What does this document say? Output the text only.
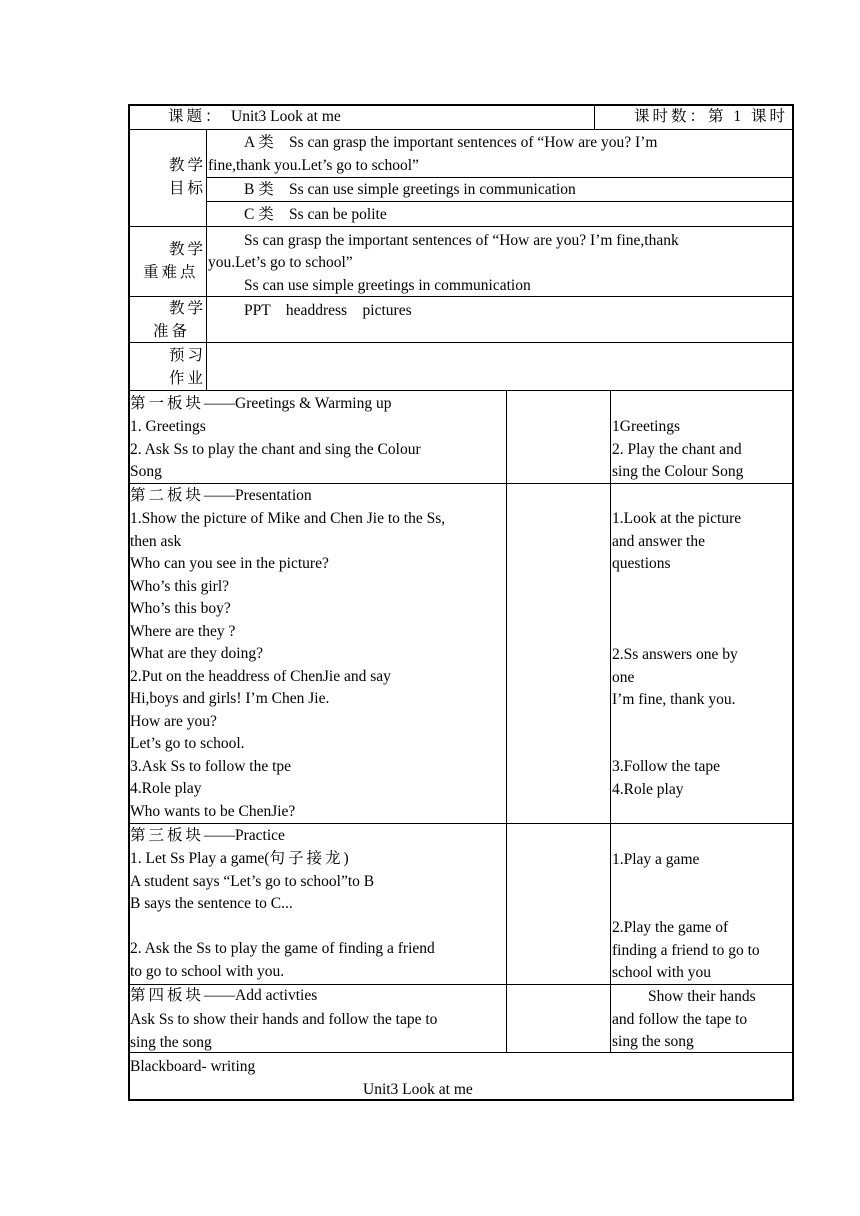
课题： Unit3 Look at me	课时数：第 1 课时
教学
目标
A 类 Ss can grasp the important sentences of “How are you? I’m
fine,thank you.Let’s go to school”
B 类 Ss can use simple greetings in communication
C 类 Ss can be polite
教学
重难点
Ss can grasp the important sentences of “How are you? I’m fine,thank
you.Let’s go to school”
Ss can use simple greetings in communication
教学
准备
PPT    headdress    pictures
预习
作业
第一板块——Greetings & Warming up
1. Greetings
2. Ask Ss to play the chant and sing the Colour
Song
1Greetings
2. Play the chant and
sing the Colour Song
第二板块——Presentation
1.Show the picture of Mike and Chen Jie to the Ss,
then ask
Who can you see in the picture?
Who’s this girl?
Who’s this boy?
Where are they ?
What are they doing?
2.Put on the headdress of ChenJie and say
Hi,boys and girls! I’m Chen Jie.
How are you?
Let’s go to school.
3.Ask Ss to follow the tpe
4.Role play
Who wants to be ChenJie?
1.Look at the picture
and answer the
questions
2.Ss answers one by
one
I’m fine, thank you.
3.Follow the tape
4.Role play
第三板块——Practice
1. Let Ss Play a game(句子接龙)
A student says “Let’s go to school”to B
B says the sentence to C...
2. Ask the Ss to play the game of finding a friend
to go to school with you.
1.Play a game
2.Play the game of
finding a friend to go to
school with you
第四板块——Add activties
Ask Ss to show their hands and follow the tape to
sing the song
Show their hands
and follow the tape to
sing the song
Blackboard- writing
Unit3 Look at me
